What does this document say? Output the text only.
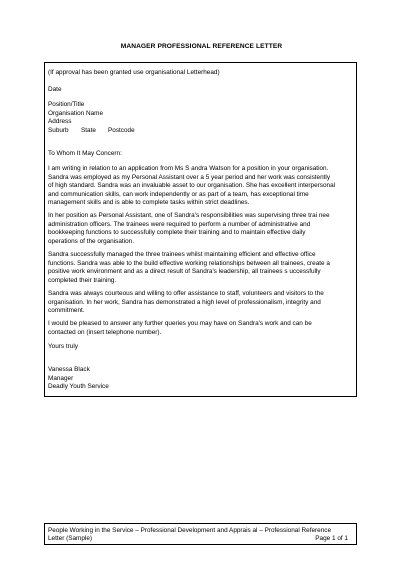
MANAGER PROFESSIONAL REFERENCE LETTER
(If approval has been granted use organisational Letterhead)
Date
Position/Title
Organisation Name
Address
Suburb State Postcode
To Whom It May Concern:
I am writing in relation to an application from Ms S andra Watson for a position in your organisation.
Sandra was employed as my Personal Assistant over a 5 year period and her work was consistently
of high standard. Sandra was an invaluable asset to our organisation. She has excellent interpersonal
and communication skills, can work independently or as part of a team, has exceptional time
management skills and is able to complete tasks within strict deadlines.
In her position as Personal Assistant, one of Sandra's responsibilities was supervising three trai nee
administration officers. The trainees were required to perform a number of administrative and
bookkeeping functions to successfully complete their training and to maintain effective daily
operations of the organisation.
Sandra successfully managed the three trainees whilst maintaining efficient and effective office
functions. Sandra was able to the build effective working relationships between all trainees, create a
positive work environment and as a direct result of Sandra's leadership, all trainees s uccessfully
completed their training.
Sandra was always courteous and willing to offer assistance to staff, volunteers and visitors to the
organisation. In her work, Sandra has demonstrated a high level of professionalism, integrity and
commitment.
I would be pleased to answer any further queries you may have on Sandra's work and can be
contacted on (insert telephone number).
Yours truly
Vanessa Black
Manager
Deadly Youth Service
People Working in the Service – Professional Development and Apprais al – Professional Reference
Letter (Sample)	Page 1 of 1
